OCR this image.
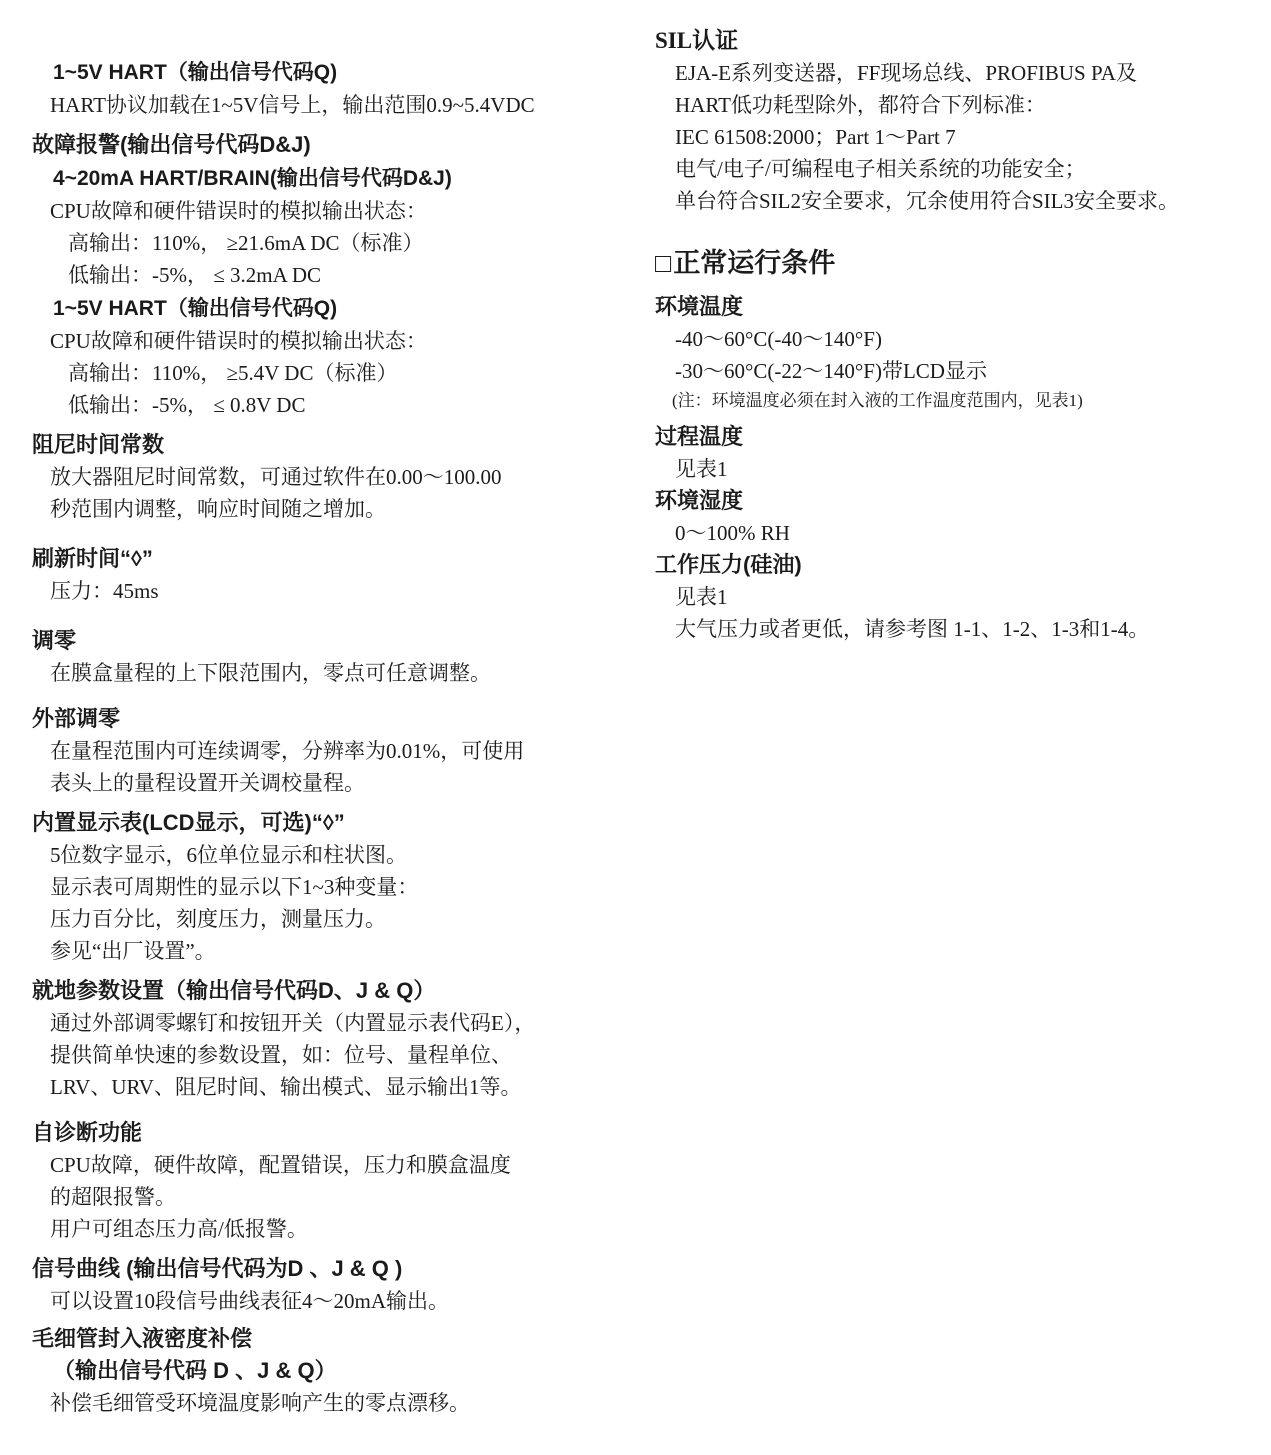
1~5V HART（输出信号代码Q)
HART协议加载在1~5V信号上，输出范围0.9~5.4VDC
故障报警(输出信号代码D&J)
4~20mA HART/BRAIN(输出信号代码D&J)
CPU故障和硬件错误时的模拟输出状态：
高输出：110%， ≥21.6mA DC（标准）
低输出：-5%， ≤ 3.2mA DC
1~5V HART（输出信号代码Q)
CPU故障和硬件错误时的模拟输出状态：
高输出：110%， ≥5.4V DC（标准）
低输出：-5%， ≤ 0.8V DC
阻尼时间常数
放大器阻尼时间常数，可通过软件在0.00～100.00
秒范围内调整，响应时间随之增加。
刷新时间“◊”
压力：45ms
调零
在膜盒量程的上下限范围内，零点可任意调整。
外部调零
在量程范围内可连续调零，分辨率为0.01%，可使用
表头上的量程设置开关调校量程。
内置显示表(LCD显示，可选)“◊”
5位数字显示，6位单位显示和柱状图。
显示表可周期性的显示以下1~3种变量：
压力百分比，刻度压力，测量压力。
参见“出厂设置”。
就地参数设置（输出信号代码D、J & Q）
通过外部调零螺钉和按钮开关（内置显示表代码E），
提供简单快速的参数设置，如：位号、量程单位、
LRV、URV、阻尼时间、输出模式、显示输出1等。
自诊断功能
CPU故障，硬件故障，配置错误，压力和膜盒温度
的超限报警。
用户可组态压力高/低报警。
信号曲线 (输出信号代码为D 、J & Q )
可以设置10段信号曲线表征4～20mA输出。
毛细管封入液密度补偿
（输出信号代码 D 、J & Q）
补偿毛细管受环境温度影响产生的零点漂移。
SIL认证
EJA-E系列变送器，FF现场总线、PROFIBUS PA及
HART低功耗型除外，都符合下列标准：
IEC 61508:2000；Part 1～Part 7
电气/电子/可编程电子相关系统的功能安全；
单台符合SIL2安全要求，冗余使用符合SIL3安全要求。
□正常运行条件
环境温度
-40～60°C(-40～140°F)
-30～60°C(-22～140°F)带LCD显示
(注：环境温度必须在封入液的工作温度范围内，见表1)
过程温度
见表1
环境湿度
0～100% RH
工作压力(硅油)
见表1
大气压力或者更低，请参考图 1-1、1-2、1-3和1-4。
